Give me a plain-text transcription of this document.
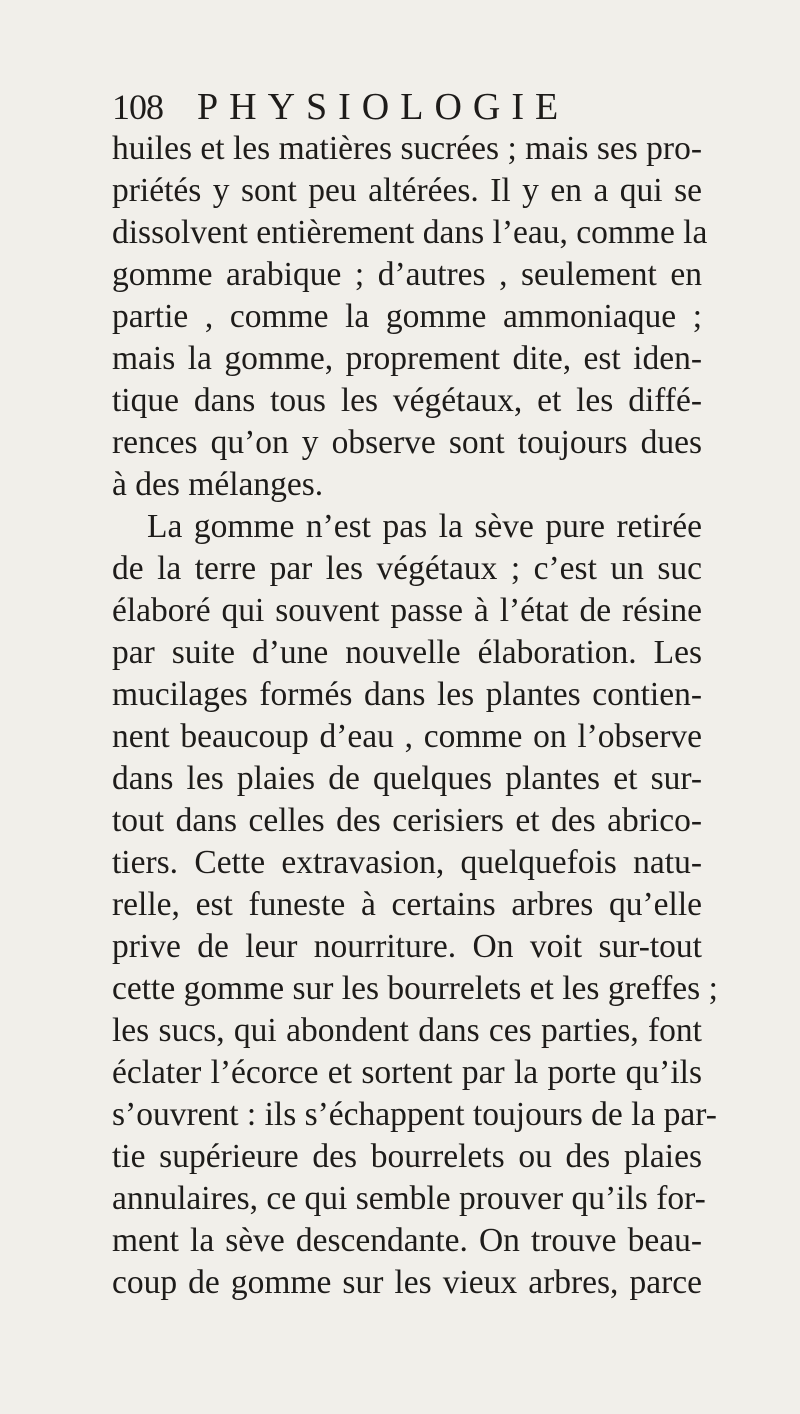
108 PHYSIOLOGIE
huiles et les matières sucrées ; mais ses pro-
priétés y sont peu altérées. Il y en a qui se
dissolvent entièrement dans l’eau, comme la
gomme arabique ; d’autres , seulement en
partie , comme la gomme ammoniaque ;
mais la gomme, proprement dite, est iden-
tique dans tous les végétaux, et les diffé-
rences qu’on y observe sont toujours dues
à des mélanges.
La gomme n’est pas la sève pure retirée
de la terre par les végétaux ; c’est un suc
élaboré qui souvent passe à l’état de résine
par suite d’une nouvelle élaboration. Les
mucilages formés dans les plantes contien-
nent beaucoup d’eau , comme on l’observe
dans les plaies de quelques plantes et sur-
tout dans celles des cerisiers et des abrico-
tiers. Cette extravasion, quelquefois natu-
relle, est funeste à certains arbres qu’elle
prive de leur nourriture. On voit sur-tout
cette gomme sur les bourrelets et les greffes ;
les sucs, qui abondent dans ces parties, font
éclater l’écorce et sortent par la porte qu’ils
s’ouvrent : ils s’échappent toujours de la par-
tie supérieure des bourrelets ou des plaies
annulaires, ce qui semble prouver qu’ils for-
ment la sève descendante. On trouve beau-
coup de gomme sur les vieux arbres, parce
